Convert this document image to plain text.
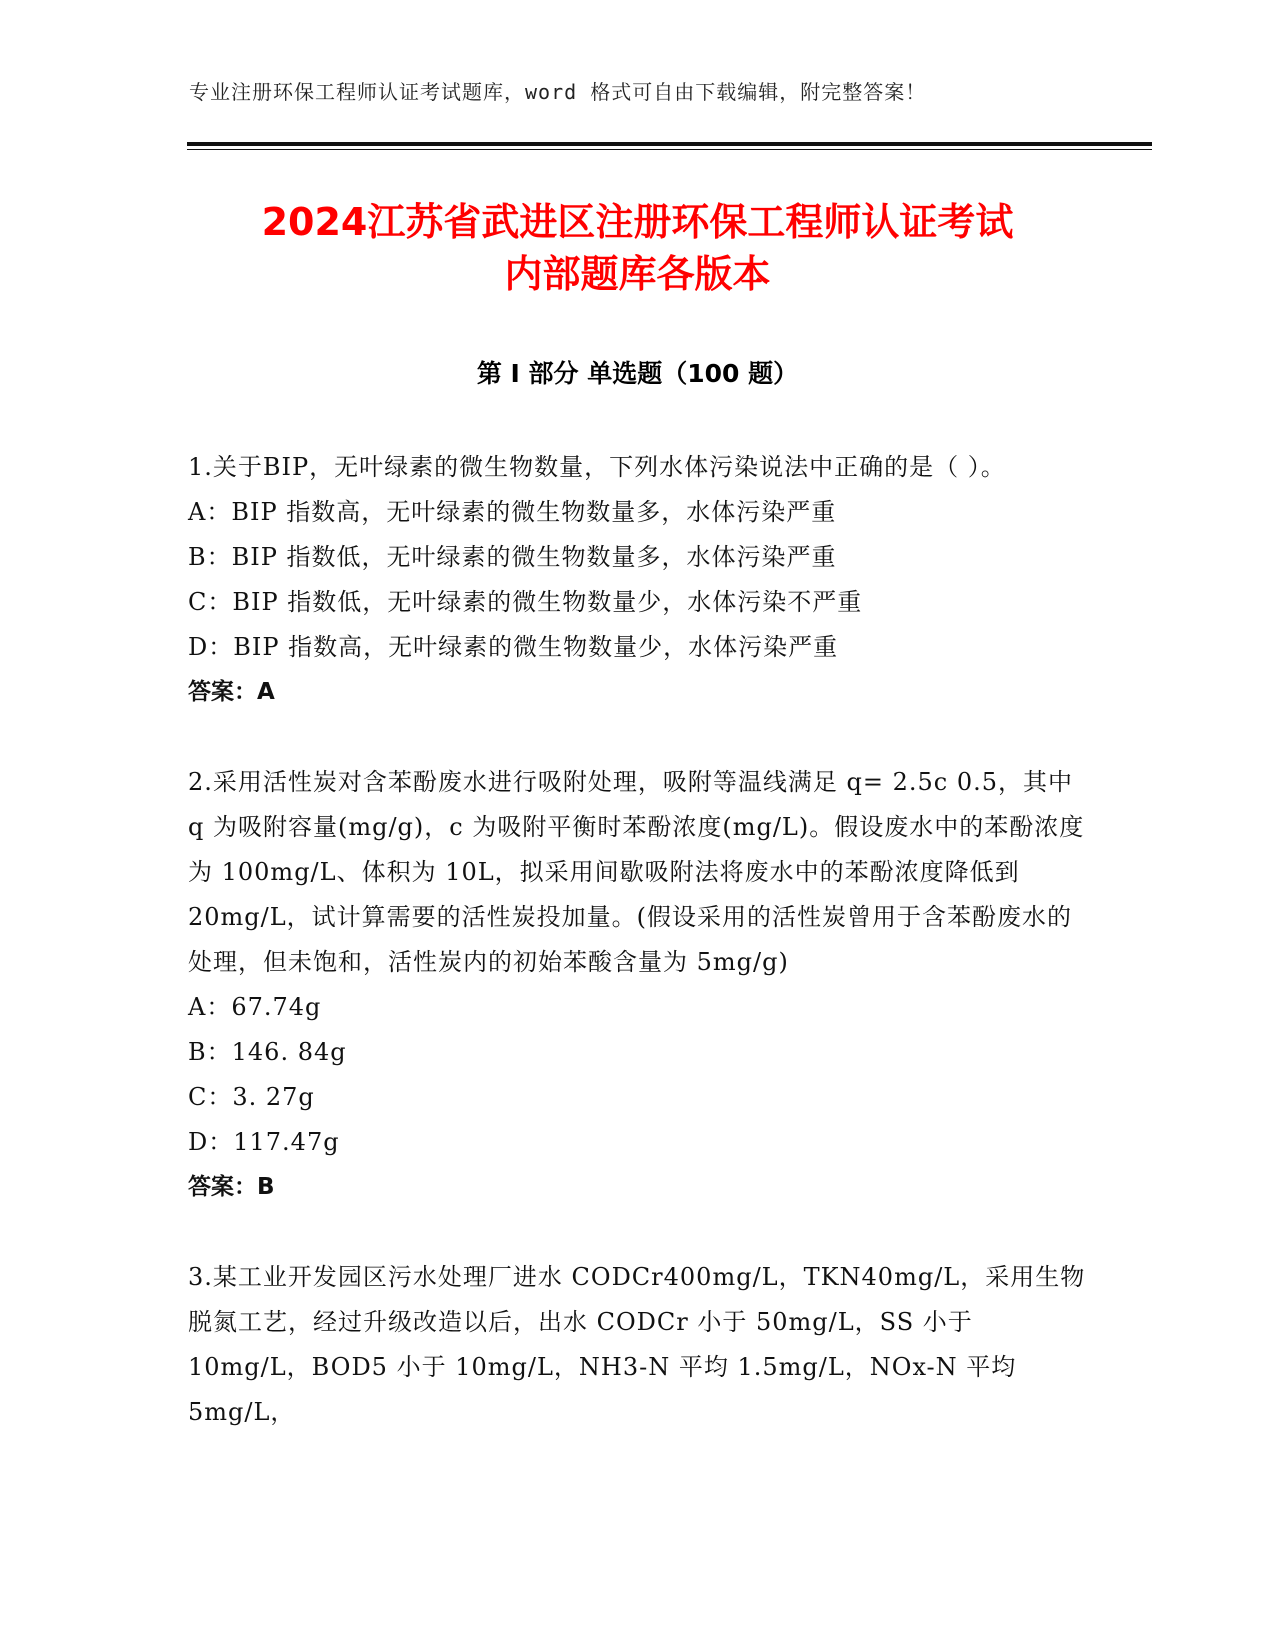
专业注册环保工程师认证考试题库，word 格式可自由下载编辑，附完整答案！
2024江苏省武进区注册环保工程师认证考试
内部题库各版本
第 I 部分 单选题（100 题）
1.关于BIP，无叶绿素的微生物数量，下列水体污染说法中正确的是（ ）。
A：BIP 指数高，无叶绿素的微生物数量多，水体污染严重
B：BIP 指数低，无叶绿素的微生物数量多，水体污染严重
C：BIP 指数低，无叶绿素的微生物数量少，水体污染不严重
D：BIP 指数高，无叶绿素的微生物数量少，水体污染严重
答案：A
2.采用活性炭对含苯酚废水进行吸附处理，吸附等温线满足 q= 2.5c 0.5，其中 q 为吸附容量(mg/g)，c 为吸附平衡时苯酚浓度(mg/L)。假设废水中的苯酚浓度为 100mg/L、体积为 10L，拟采用间歇吸附法将废水中的苯酚浓度降低到 20mg/L，试计算需要的活性炭投加量。(假设采用的活性炭曾用于含苯酚废水的处理，但未饱和，活性炭内的初始苯酸含量为 5mg/g)
A：67.74g
B：146. 84g
C：3. 27g
D：117.47g
答案：B
3.某工业开发园区污水处理厂进水 CODCr400mg/L，TKN40mg/L，采用生物脱氮工艺，经过升级改造以后，出水 CODCr 小于 50mg/L，SS 小于 10mg/L，BOD5 小于 10mg/L，NH3-N 平均 1.5mg/L，NOx-N 平均 5mg/L，
